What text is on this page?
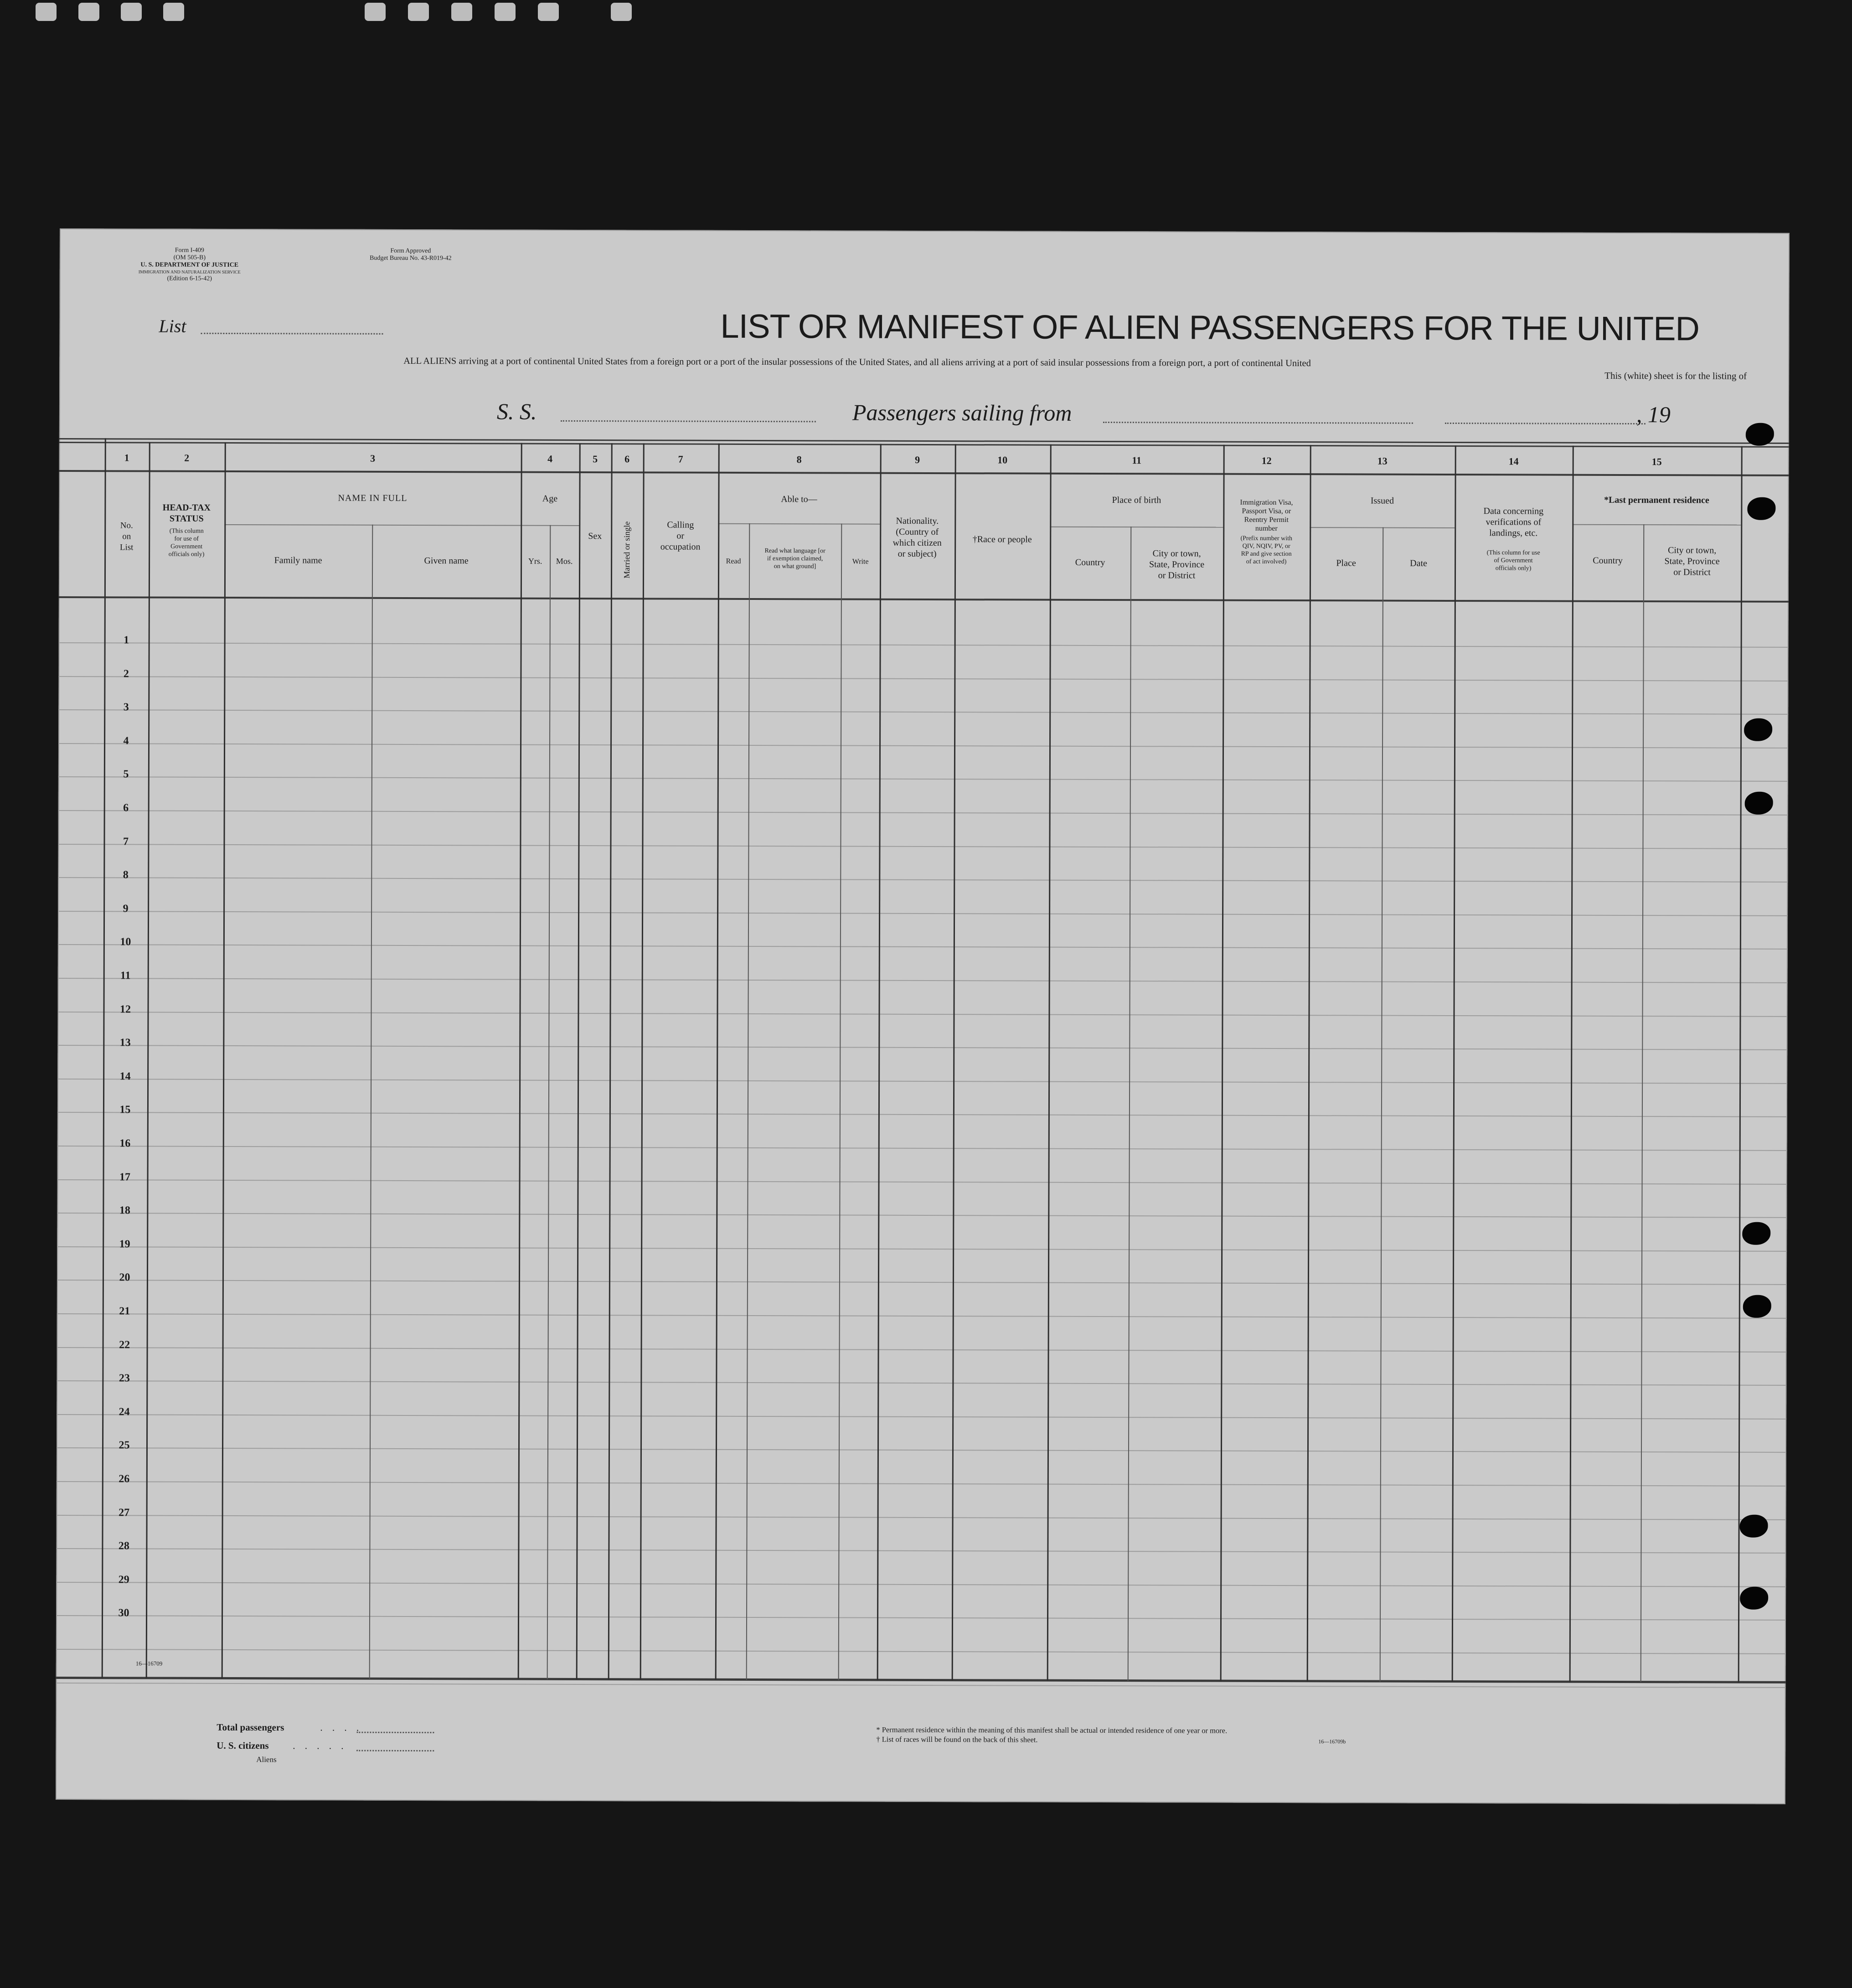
Form I-409
(OM 505-B)
U. S. DEPARTMENT OF JUSTICE
IMMIGRATION AND NATURALIZATION SERVICE
(Edition 6-15-42)
Form Approved
Budget Bureau No. 43-R019-42
List	LIST OR MANIFEST OF ALIEN PASSENGERS FOR THE UNITED
ALL ALIENS arriving at a port of continental United States from a foreign port or a port of the insular possessions of the United States, and all aliens arriving at a port of said insular possessions from a foreign port, a port of continental United
This (white) sheet is for the listing of
S. S.	Passengers sailing from	, 19
1	2	3	4	5	6	7	8	9	10	11	12	13	14	15
No.
on
List
HEAD-TAX
STATUS
(This column
for use of
Government
officials only)
NAME IN FULL
Family name	Given name
Age
Yrs.	Mos.
Sex	Married or single	Calling
or
occupation
Able to—
Read
Read what language [or
if exemption claimed,
on what ground]
Write
Nationality.
(Country of
which citizen
or subject)
†Race or people
Place of birth
Country
City or town,
State, Province
or District
Immigration Visa,
Passport Visa, or
Reentry Permit
number
(Prefix number with
QIV, NQIV, PV, or
RP and give section
of act involved)
Issued
Place	Date
Data concerning
verifications of
landings, etc.
(This column for use
of Government
officials only)
*Last permanent residence
Country
City or town,
State, Province
or District
1
2
3
4
5
6
7
8
9
10
11
12
13
14
15
16
17
18
19
20
21
22
23
24
25
26
27
28
29
30
16—16709
Total passengers	. . . .
U. S. citizens	. . . . .
Aliens
* Permanent residence within the meaning of this manifest shall be actual or intended residence of one year or more.
† List of races will be found on the back of this sheet.	16—16709b
